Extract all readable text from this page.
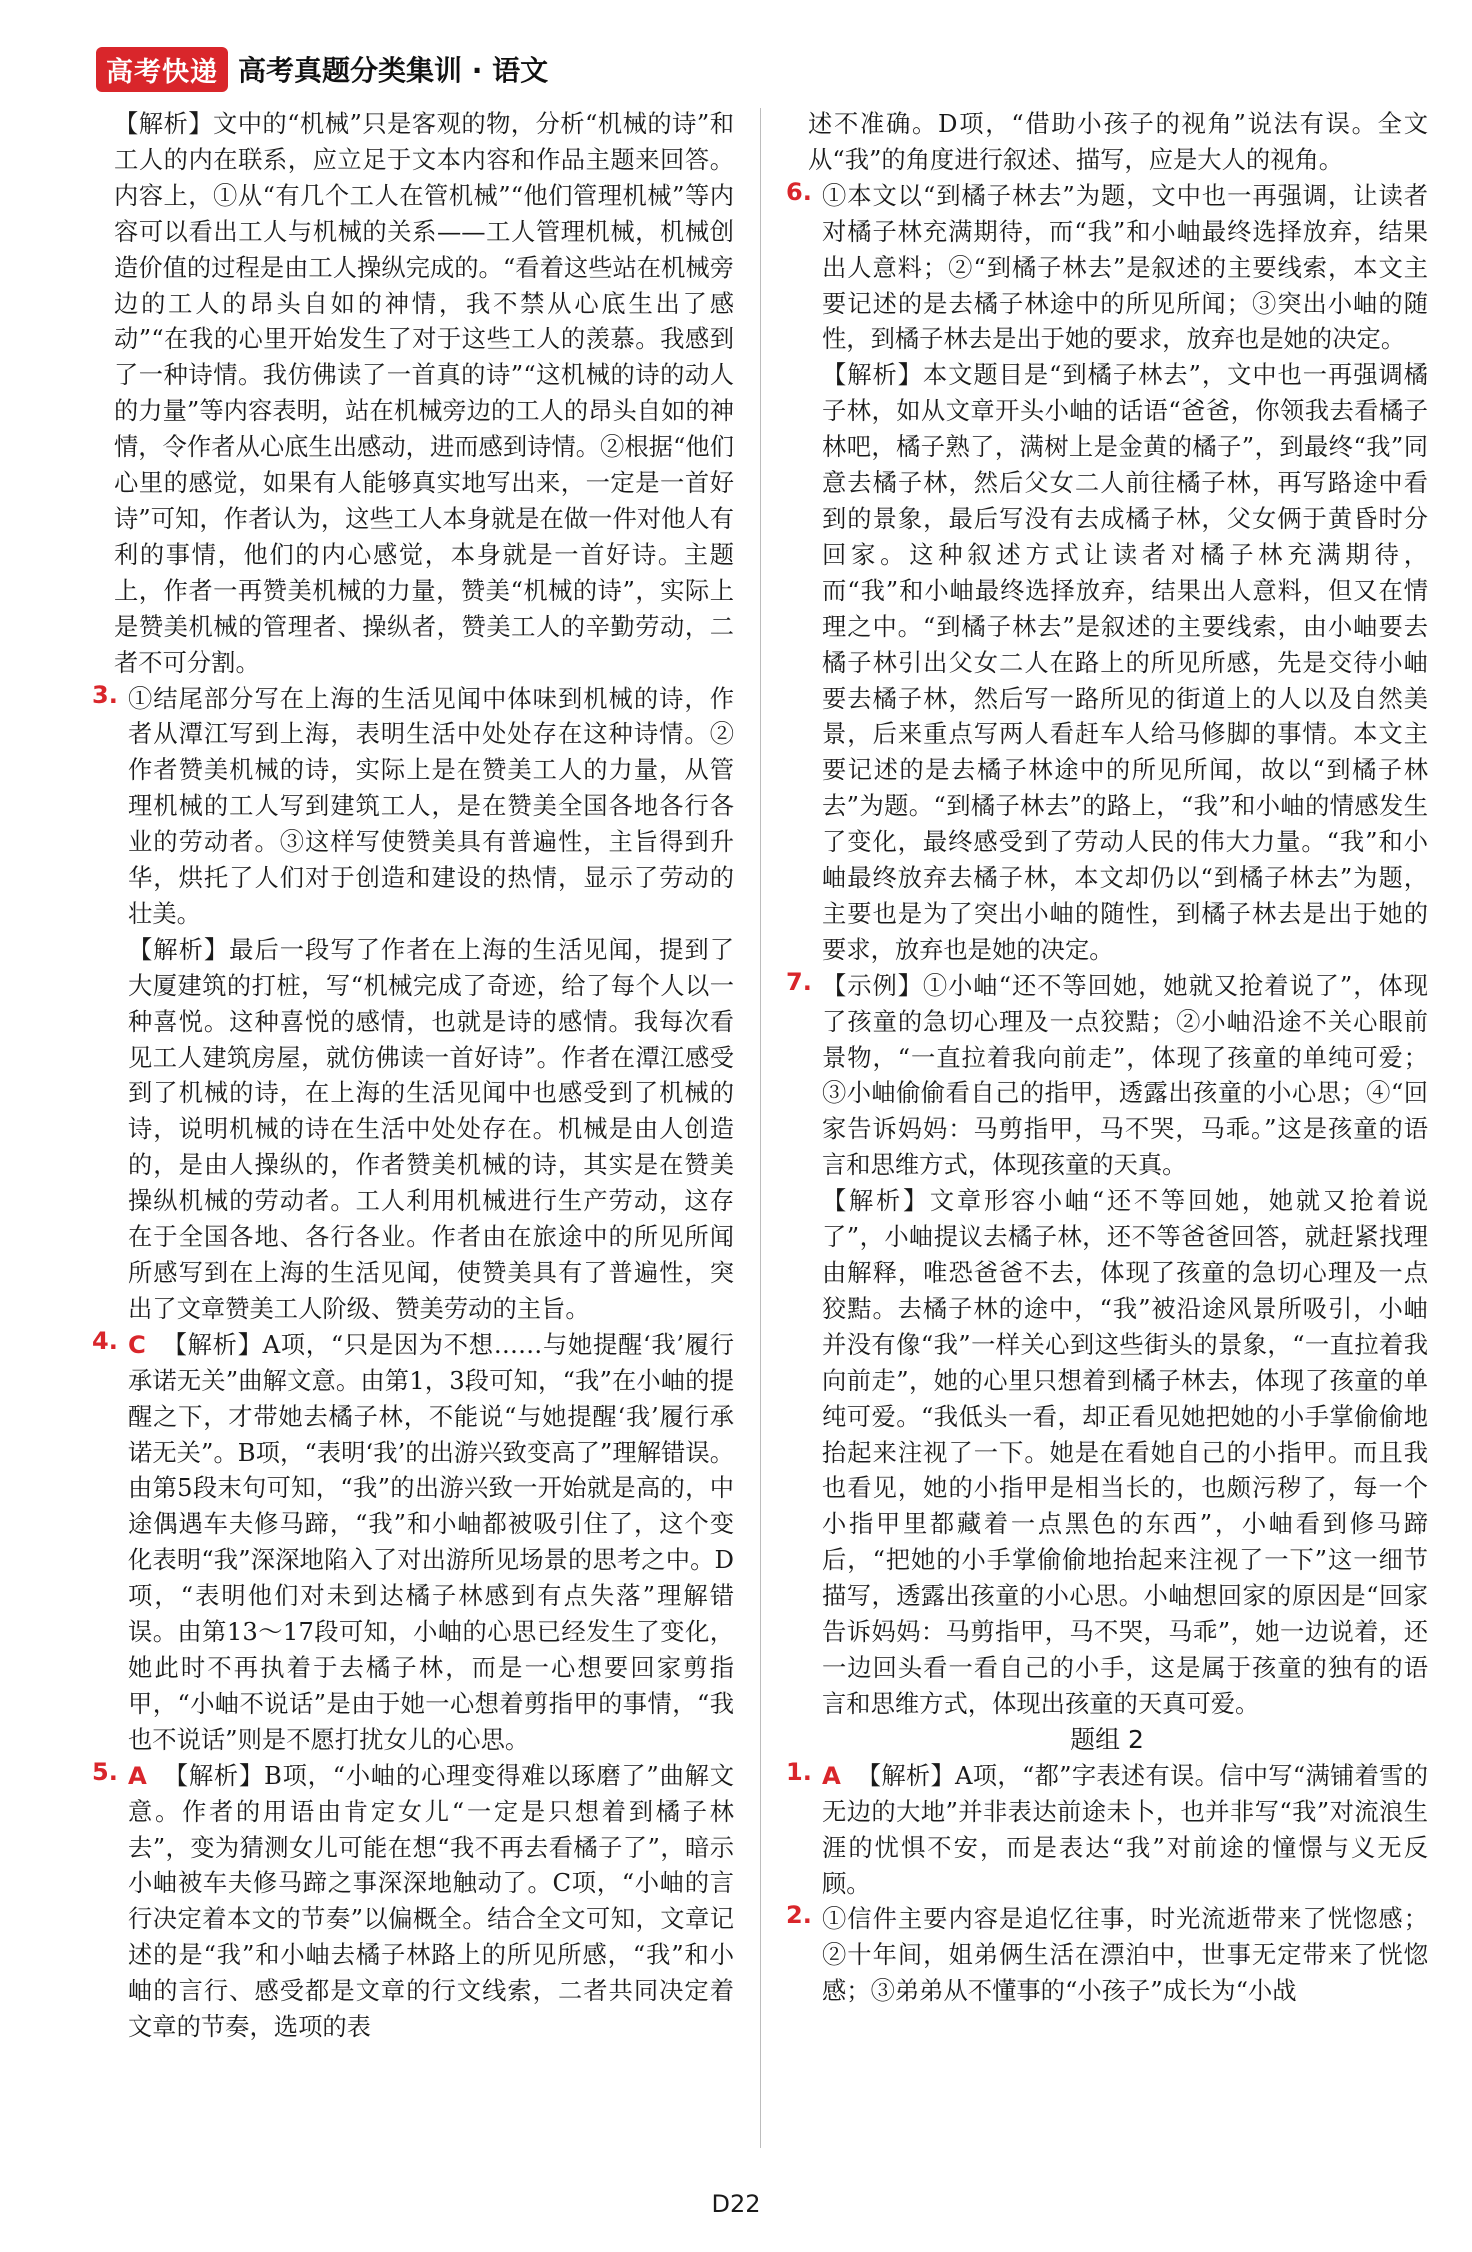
高考快递 高考真题分类集训 · 语文
【解析】文中的“机械”只是客观的物，分析“机械的诗”和工人的内在联系，应立足于文本内容和作品主题来回答。内容上，①从“有几个工人在管机械”“他们管理机械”等内容可以看出工人与机械的关系——工人管理机械，机械创造价值的过程是由工人操纵完成的。“看着这些站在机械旁边的工人的昂头自如的神情，我不禁从心底生出了感动”“在我的心里开始发生了对于这些工人的羡慕。我感到了一种诗情。我仿佛读了一首真的诗”“这机械的诗的动人的力量”等内容表明，站在机械旁边的工人的昂头自如的神情，令作者从心底生出感动，进而感到诗情。②根据“他们心里的感觉，如果有人能够真实地写出来，一定是一首好诗”可知，作者认为，这些工人本身就是在做一件对他人有利的事情，他们的内心感觉，本身就是一首好诗。主题上，作者一再赞美机械的力量，赞美“机械的诗”，实际上是赞美机械的管理者、操纵者，赞美工人的辛勤劳动，二者不可分割。
3. ①结尾部分写在上海的生活见闻中体味到机械的诗，作者从潭江写到上海，表明生活中处处存在这种诗情。②作者赞美机械的诗，实际上是在赞美工人的力量，从管理机械的工人写到建筑工人，是在赞美全国各地各行各业的劳动者。③这样写使赞美具有普遍性，主旨得到升华，烘托了人们对于创造和建设的热情，显示了劳动的壮美。
【解析】最后一段写了作者在上海的生活见闻，提到了大厦建筑的打桩，写“机械完成了奇迹，给了每个人以一种喜悦。这种喜悦的感情，也就是诗的感情。我每次看见工人建筑房屋，就仿佛读一首好诗”。作者在潭江感受到了机械的诗，在上海的生活见闻中也感受到了机械的诗，说明机械的诗在生活中处处存在。机械是由人创造的，是由人操纵的，作者赞美机械的诗，其实是在赞美操纵机械的劳动者。工人利用机械进行生产劳动，这存在于全国各地、各行各业。作者由在旅途中的所见所闻所感写到在上海的生活见闻，使赞美具有了普遍性，突出了文章赞美工人阶级、赞美劳动的主旨。
4. C 【解析】A项，“只是因为不想……与她提醒‘我’履行承诺无关”曲解文意。由第1，3段可知，“我”在小岫的提醒之下，才带她去橘子林，不能说“与她提醒‘我’履行承诺无关”。B项，“表明‘我’的出游兴致变高了”理解错误。由第5段末句可知，“我”的出游兴致一开始就是高的，中途偶遇车夫修马蹄，“我”和小岫都被吸引住了，这个变化表明“我”深深地陷入了对出游所见场景的思考之中。D项，“表明他们对未到达橘子林感到有点失落”理解错误。由第13～17段可知，小岫的心思已经发生了变化，她此时不再执着于去橘子林，而是一心想要回家剪指甲，“小岫不说话”是由于她一心想着剪指甲的事情，“我也不说话”则是不愿打扰女儿的心思。
5. A 【解析】B项，“小岫的心理变得难以琢磨了”曲解文意。作者的用语由肯定女儿“一定是只想着到橘子林去”，变为猜测女儿可能在想“我不再去看橘子了”，暗示小岫被车夫修马蹄之事深深地触动了。C项，“小岫的言行决定着本文的节奏”以偏概全。结合全文可知，文章记述的是“我”和小岫去橘子林路上的所见所感，“我”和小岫的言行、感受都是文章的行文线索，二者共同决定着文章的节奏，选项的表
述不准确。D项，“借助小孩子的视角”说法有误。全文从“我”的角度进行叙述、描写，应是大人的视角。
6. ①本文以“到橘子林去”为题，文中也一再强调，让读者对橘子林充满期待，而“我”和小岫最终选择放弃，结果出人意料；②“到橘子林去”是叙述的主要线索，本文主要记述的是去橘子林途中的所见所闻；③突出小岫的随性，到橘子林去是出于她的要求，放弃也是她的决定。
【解析】本文题目是“到橘子林去”，文中也一再强调橘子林，如从文章开头小岫的话语“爸爸，你领我去看橘子林吧，橘子熟了，满树上是金黄的橘子”，到最终“我”同意去橘子林，然后父女二人前往橘子林，再写路途中看到的景象，最后写没有去成橘子林，父女俩于黄昏时分回家。这种叙述方式让读者对橘子林充满期待，而“我”和小岫最终选择放弃，结果出人意料，但又在情理之中。“到橘子林去”是叙述的主要线索，由小岫要去橘子林引出父女二人在路上的所见所感，先是交待小岫要去橘子林，然后写一路所见的街道上的人以及自然美景，后来重点写两人看赶车人给马修脚的事情。本文主要记述的是去橘子林途中的所见所闻，故以“到橘子林去”为题。“到橘子林去”的路上，“我”和小岫的情感发生了变化，最终感受到了劳动人民的伟大力量。“我”和小岫最终放弃去橘子林，本文却仍以“到橘子林去”为题，主要也是为了突出小岫的随性，到橘子林去是出于她的要求，放弃也是她的决定。
7. 【示例】①小岫“还不等回她，她就又抢着说了”，体现了孩童的急切心理及一点狡黠；②小岫沿途不关心眼前景物，“一直拉着我向前走”，体现了孩童的单纯可爱；③小岫偷偷看自己的指甲，透露出孩童的小心思；④“回家告诉妈妈：马剪指甲，马不哭，马乖。”这是孩童的语言和思维方式，体现孩童的天真。
【解析】文章形容小岫“还不等回她，她就又抢着说了”，小岫提议去橘子林，还不等爸爸回答，就赶紧找理由解释，唯恐爸爸不去，体现了孩童的急切心理及一点狡黠。去橘子林的途中，“我”被沿途风景所吸引，小岫并没有像“我”一样关心到这些街头的景象，“一直拉着我向前走”，她的心里只想着到橘子林去，体现了孩童的单纯可爱。“我低头一看，却正看见她把她的小手掌偷偷地抬起来注视了一下。她是在看她自己的小指甲。而且我也看见，她的小指甲是相当长的，也颇污秽了，每一个小指甲里都藏着一点黑色的东西”，小岫看到修马蹄后，“把她的小手掌偷偷地抬起来注视了一下”这一细节描写，透露出孩童的小心思。小岫想回家的原因是“回家告诉妈妈：马剪指甲，马不哭，马乖”，她一边说着，还一边回头看一看自己的小手，这是属于孩童的独有的语言和思维方式，体现出孩童的天真可爱。
题组 2
1. A 【解析】A项，“都”字表述有误。信中写“满铺着雪的无边的大地”并非表达前途未卜，也并非写“我”对流浪生涯的忧惧不安，而是表达“我”对前途的憧憬与义无反顾。
2. ①信件主要内容是追忆往事，时光流逝带来了恍惚感；②十年间，姐弟俩生活在漂泊中，世事无定带来了恍惚感；③弟弟从不懂事的“小孩子”成长为“小战
D22
